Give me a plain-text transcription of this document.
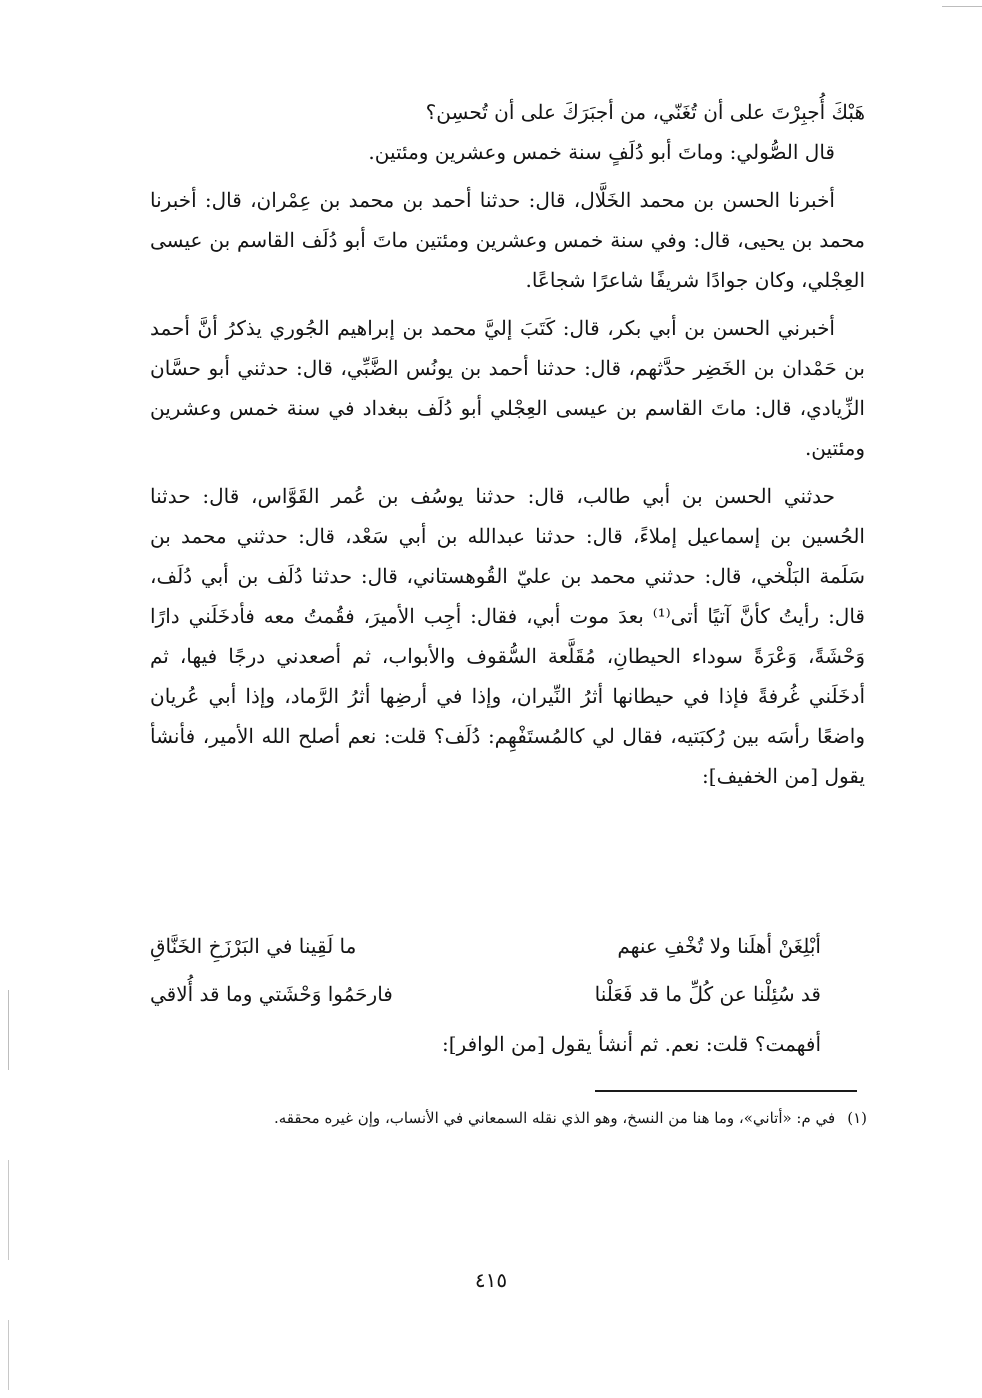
هَبْكَ أُجبِرْتَ على أن تُغَنّي، من أجبَرَكَ على أن تُحسِن؟

قال الصُّولي: وماتَ أبو دُلَفٍ سنة خمس وعشرين ومئتين.

أخبرنا الحسن بن محمد الخَلَّال، قال: حدثنا أحمد بن محمد بن عِمْران، قال: أخبرنا محمد بن يحيى، قال: وفي سنة خمس وعشرين ومئتين ماتَ أبو دُلَف القاسم بن عيسى العِجْلي، وكان جوادًا شريفًا شاعرًا شجاعًا.

أخبرني الحسن بن أبي بكر، قال: كَتَبَ إليَّ محمد بن إبراهيم الجُوري يذكرُ أنَّ أحمد بن حَمْدان بن الخَضِر حدَّثهم، قال: حدثنا أحمد بن يونُس الضَّبِّي، قال: حدثني أبو حسَّان الزِّيادي، قال: ماتَ القاسم بن عيسى العِجْلي أبو دُلَف ببغداد في سنة خمس وعشرين ومئتين.

حدثني الحسن بن أبي طالب، قال: حدثنا يوسُف بن عُمر القَوَّاس، قال: حدثنا الحُسين بن إسماعيل إملاءً، قال: حدثنا عبدالله بن أبي سَعْد، قال: حدثني محمد بن سَلَمة البَلْخي، قال: حدثني محمد بن عليّ القُوهستاني، قال: حدثنا دُلَف بن أبي دُلَف، قال: رأيتُ كأنَّ آتيًا أتى⁽¹⁾ بعدَ موت أبي، فقال: أجِب الأميرَ، فقُمتُ معه فأدخَلَني دارًا وَحْشَةً، وَعْرَةً سوداء الحيطانِ، مُقَلَّعة السُّقوف والأبواب، ثم أصعدني درجًا فيها، ثم أدخَلَني غُرفةً فإذا في حيطانها أثرُ النِّيران، وإذا في أرضِها أثرُ الرَّماد، وإذا أبي عُريان واضعًا رأسَه بين رُكبَتيه، فقال لي كالمُستَفْهِم: دُلَف؟ قلت: نعم أصلح الله الأمير، فأنشأ يقول [من الخفيف]:

أبْلِغَنْ أهلَنا ولا تُخْفِ عنهم
ما لَقِينا في البَرْزَخِ الخَنَّاقِ
قد سُئِلْنا عن كُلِّ ما قد فَعَلْنا
فارحَمُوا وَحْشَتي وما قد أُلاقي
أفهمت؟ قلت: نعم. ثم أنشأ يقول [من الوافر]:
(١)في م: «أتاني»، وما هنا من النسخ، وهو الذي نقله السمعاني في الأنساب، وإن غيره محققه.
٤١٥
